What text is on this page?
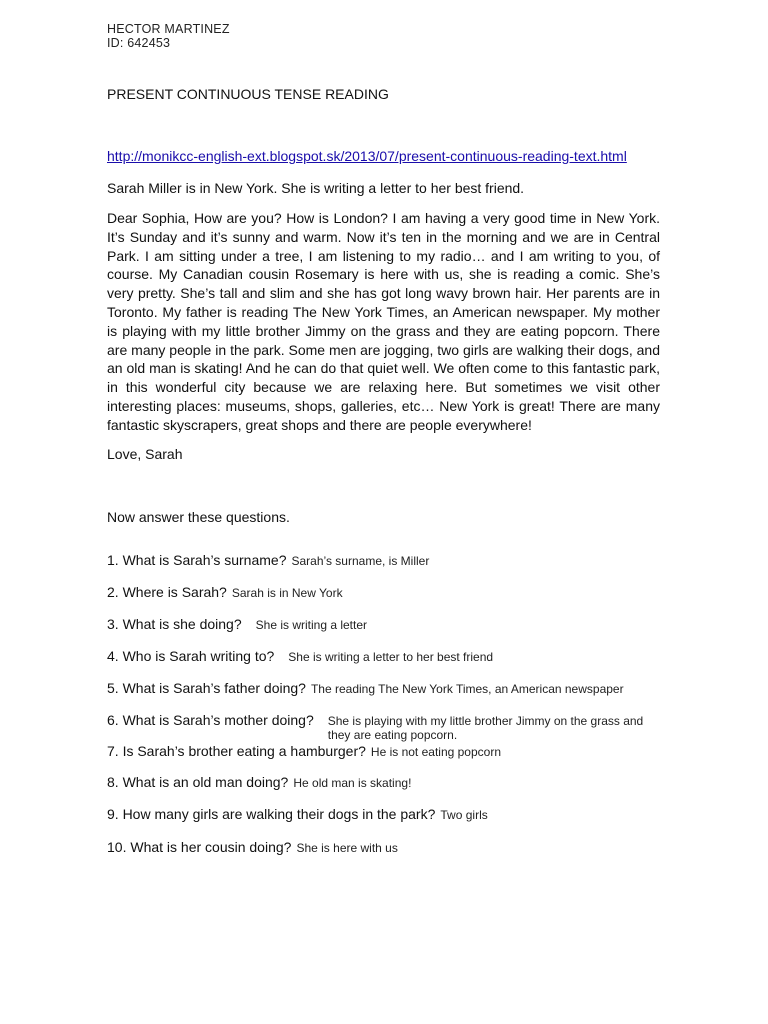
HECTOR MARTINEZ
ID: 642453
PRESENT CONTINUOUS TENSE READING
http://monikcc-english-ext.blogspot.sk/2013/07/present-continuous-reading-text.html
Sarah Miller is in New York. She is writing a letter to her best friend.
Dear Sophia, How are you? How is London? I am having a very good time in New York. It’s Sunday and it’s sunny and warm. Now it’s ten in the morning and we are in Central Park. I am sitting under a tree, I am listening to my radio… and I am writing to you, of course. My Canadian cousin Rosemary is here with us, she is reading a comic. She’s very pretty. She’s tall and slim and she has got long wavy brown hair. Her parents are in Toronto. My father is reading The New York Times, an American newspaper. My mother is playing with my little brother Jimmy on the grass and they are eating popcorn. There are many people in the park. Some men are jogging, two girls are walking their dogs, and an old man is skating! And he can do that quiet well. We often come to this fantastic park, in this wonderful city because we are relaxing here. But sometimes we visit other interesting places: museums, shops, galleries, etc… New York is great! There are many fantastic skyscrapers, great shops and there are people everywhere!
Love, Sarah
Now answer these questions.
1. What is Sarah’s surname? Sarah’s surname, is Miller
2. Where is Sarah? Sarah is in New York
3. What is she doing? She is writing a letter
4. Who is Sarah writing to? She is writing a letter to her best friend
5. What is Sarah’s father doing? The reading The New York Times, an American newspaper
6. What is Sarah’s mother doing? She is playing with my little brother Jimmy on the grass and they are eating popcorn.
7. Is Sarah’s brother eating a hamburger? He is not eating popcorn
8. What is an old man doing? He old man is skating!
9. How many girls are walking their dogs in the park? Two girls
10. What is her cousin doing? She is here with us
